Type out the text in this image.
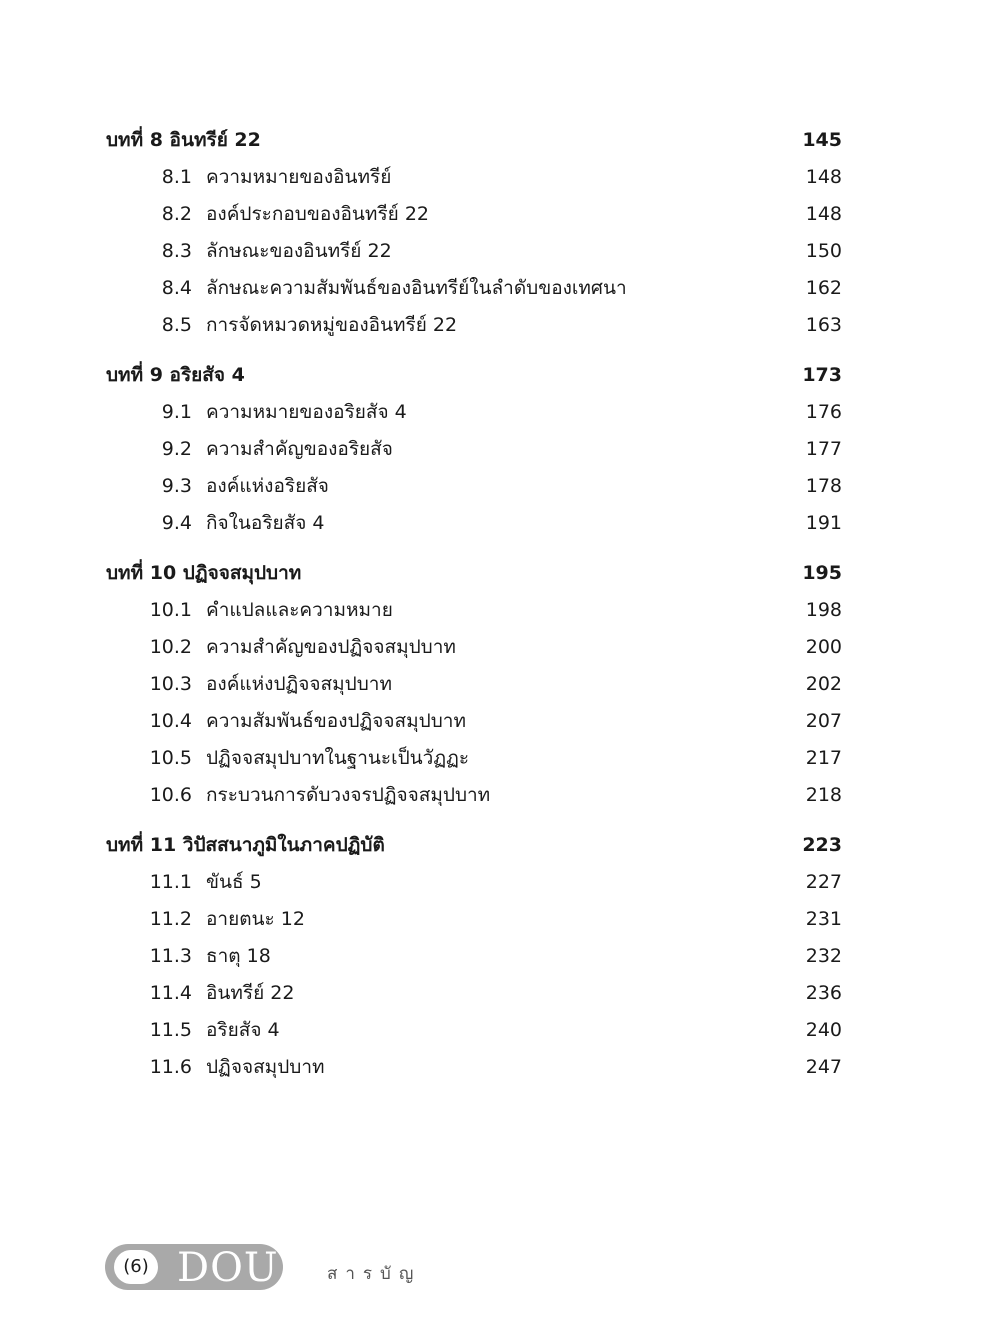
บทที่ 8 อินทรีย์ 22	145
8.1 ความหมายของอินทรีย์	148
8.2 องค์ประกอบของอินทรีย์ 22	148
8.3 ลักษณะของอินทรีย์ 22	150
8.4 ลักษณะความสัมพันธ์ของอินทรีย์ในลำดับของเทศนา	162
8.5 การจัดหมวดหมู่ของอินทรีย์ 22	163
บทที่ 9 อริยสัจ 4	173
9.1 ความหมายของอริยสัจ 4	176
9.2 ความสำคัญของอริยสัจ	177
9.3 องค์แห่งอริยสัจ	178
9.4 กิจในอริยสัจ 4	191
บทที่ 10 ปฏิจจสมุปบาท	195
10.1 คำแปลและความหมาย	198
10.2 ความสำคัญของปฏิจจสมุปบาท	200
10.3 องค์แห่งปฏิจจสมุปบาท	202
10.4 ความสัมพันธ์ของปฏิจจสมุปบาท	207
10.5 ปฏิจจสมุปบาทในฐานะเป็นวัฏฏะ	217
10.6 กระบวนการดับวงจรปฏิจจสมุปบาท	218
บทที่ 11 วิปัสสนาภูมิในภาคปฏิบัติ	223
11.1 ขันธ์ 5	227
11.2 อายตนะ 12	231
11.3 ธาตุ 18	232
11.4 อินทรีย์ 22	236
11.5 อริยสัจ 4	240
11.6 ปฏิจจสมุปบาท	247
(6) DOU	สารบัญ
